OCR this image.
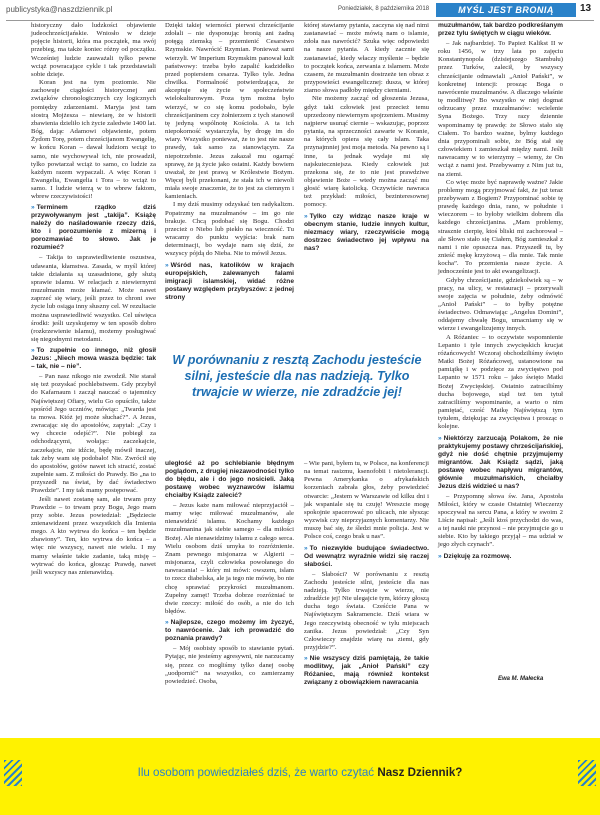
publicystyka@naszdziennik.pl	Poniedziałek, 8 października 2018	MYŚL JEST BRONIĄ	13

historyczny dało ludzkości objawienie judeochrześcijańskie. Wniosło w dzieje pojęcie historii, która ma początek, ma swój przebieg, ma także koniec różny od początku. Wcześniej ludzie zauważali tylko pewne wciąż powracające cykle i tak przedstawiali sobie dzieje.

Koran jest na tym poziomie. Nie zachowuje ciągłości historycznej ani związków chronologicznych czy logicznych pomiędzy zdarzeniami. Maryja jest tam siostrą Mojżesza – niewiarę, że w historii zbawienia dzieliło ich życie zaledwie 1400 lat. Bóg, dając Adamowi objawienie, potem Żydom Torę, potem chrześcijanom Ewangelię, w końcu Koran – dawał ludziom wciąż to samo, nie wychowywał ich, nie prowadził, tylko powtarzał wciąż to samo, co ludzie za każdym razem wypaczali. A więc Koran i Ewangelia, Ewangelia i Tora – to wciąż to samo. I ludzie wierzą w to wbrew faktom, wbrew rzeczywistości!

» Terminem rządko dziś przywoływanym jest „takija”. Książę należy do naśladowanie rzeczy dziś, kto i porozumienie z mizerną i porozmawiać to słowo. Jak je rozumieć?

– Takija to usprawiedliwienie oszustwa, udawania, kłamstwa. Zasada, w myśl której takie działania są uzasadnione, gdy służą sprawie islamu. W relacjach z niewiernymi muzułmanin może kłamać. Może nawet zaprzeć się wiary, jeśli przez to chroni swe życie lub osiąga inny słuszny cel. W rezultacie można usprawiedliwić wszystko. Cel uświęca środki: jeśli uzyskujemy w ten sposób dobro (rozkrzewienie islamu), możemy posługiwać się niegodnymi metodami.

» To zupełnie co innego, niż głosił Jezus: „Niech mowa wasza będzie: tak – tak, nie – nie”.

– Pan nasz nikogo nie zwodził. Nie starał się też pozyskać pochlebstwem. Gdy przybył do Kafarnaum i zaczął nauczać o tajemnicy Najświętszej Ofiary, wielu Go opuściło, także spośród Jego uczniów, mówiąc: „Twarda jest ta mowa. Któż jej może słuchać?”. A Jezus, zwracając się do apostołów, zapytał: „Czy i wy chcecie odejść?”. Nie pobiegł za odchodzącymi, wołając: zaczekajcie, zaczekajcie, nie idźcie, będę mówił inaczej, tak żeby wam się podobało! Nie. Zwrócił się do apostołów, gotów nawet ich stracić, zostać zupełnie sam. Z miłości do Prawdy. Bo „na to przyszedł na świat, by dać świadectwo Prawdzie”. I my tak mamy postępować.

Jeśli nawet zostanę sam, ale trwam przy Prawdzie – to trwam przy Bogu, Jego mam przy sobie. Jezus powiedział: „Będziecie znienawidzeni przez wszystkich dla Imienia mego. A kto wytrwa do końca – ten będzie zbawiony”. Ten, kto wytrwa do końca – a więc nie wszyscy, nawet nie wielu. I my mamy właśnie takie zadanie, taką misję – wytrwać do końca, głosząc Prawdę, nawet jeśli wszyscy nas znienawidzą.

Dzięki takiej wierności pierwsi chrześcijanie zdołali – nie dysponując bronią ani żadną potęgą ziemską – przemienić Cesarstwo Rzymskie. Nawrócić Rzymian. Ponieważ sami wierzyli. W Imperium Rzymskim panował kult państwowy: trzeba było zapalić kadzidełko przed popiersiem cesarza. Tylko tyle. Jedna chwilka. Formalność potwierdzająca, że akceptuje się życie w społeczeństwie wielokulturowym. Poza tym można było wierzyć, w co się komu podobało, byle chrześcijaninem czy żołnierzem z tych stanowił tę jedyną wspólnotę Kościoła. A ta ich niepokorność wystarczyła, by drogę im do wiary. Wszystko ponieważ, że to jest nie nasze prawdy, tak samo za stanowiącym. Za niepotrzebnie. Jezus zakazał mu ogarnąć sprawę, że ją życie jako ostatni. Każdy bowiem uważał, że jest prawą w Królestwie Bożym. Więcej byli przekonani, że stała ich w niewoli miała swoje znaczenie, że to jest za ciemnym i kamieniach.

I my dziś musimy odzyskać ten radykalizm. Popatrzmy na muzułmanów – im go nie brakuje. Chcą podobać się Bogu. Chodzi przecież o Niebo lub piekło na wieczność. Tu wracamy do punktu wyjścia: brak nam determinacji, bo wydaje nam się dziś, że wszyscy pójdą do Nieba. Nie to mówił Jezus.

» Wśród nas, katolików w krajach europejskich, zalewanych falami imigracji islamskiej, widać różne postawy względem przybyszów: z jednej strony

której stawiamy pytania, zaczyna się nad nimi zastanawiać – może mówią nam o islamie, zdoła nas nawrócić? Szuka więc odpowiedzi na nasze pytania. A kiedy zacznie się zastanawiać, kiedy właczy myślenie – będzie to początek końca, zerwania z islamem. Może czasem, że muzułmanin dostrzeże ten obraz z przypowieści ewangelicznej: dusza, w której ziarno słowa padłoby między cierniami.

Nie możemy zacząć od głoszenia Jezusa, gdyż taki człowiek jest przecież temu uprzedzony niewiernym spojrzeniem. Musimy najpierw usunąć ciernie – wskazując, poprzez pytania, na sprzeczności zawarte w Koranie, na których opiera się cały islam. Taka przynajmniej jest moja metoda. Na pewno są i inne, ta jednak wydaje mi się najskuteczniejsza. Kiedy człowiek już przekona się, że to nie jest prawdziwe objawienie Boże – wtedy można zacząć mu głosić wiarę katolicką. Oczywiście nawraca też przykład: miłości, bezinteresownej pomocy.

» Tylko czy widząc nasze kraje w obecnym stanie, ludzie innych kultur, niezmacy wiary, rzeczywiście mogą dostrzec świadectwo jej wpływu na nas?

muzułmanów, tak bardzo podkreślanym przez tylu świętych w ciągu wieków.

– Jak najbardziej. To Papież Kalikst II w roku 1456, w trzy lata po zajęciu Konstantynopola (dzisiejszego Stambułu) przez Turków, zalecił, by wszyscy chrześcijanie odmawiali „Anioł Pański”, w konkretnej intencji: prosząc Boga o nawrócenie muzułmanów. A dlaczego właśnie tę modlitwę? Bo wszystko w niej dogmat odrzucany przez muzułmanów: wcielenie Syna Bożego. Trzy razy dziennie wspominamy tę prawdę: że Słowo stało się Ciałem. To bardzo ważne, bylmy każdego dnia przypominali sobie, że Bóg stał się człowiekiem i zamieszkał między nami. Jeśli nawracamy w to wierzymy – wiemy, że On wciąż z nami jest. Przebywamy z Nim już tu, na ziemi.

Co więc może być naprawdę ważne? Jakie problemy mogą przyjmować fakt, że już teraz przebywam z Bogiem? Przypominać sobie tę prawdę każdego dnia, rano, w południe i wieczorem – to byłoby wielkim dobrem dla każdego chrześcijanina. „Mam problemy, strasznie cierpię, ktoś bliski mi zachorował – ale Słowo stało się Ciałem, Bóg zamieszkał z nami i nie opuszcza nas. Przyszedł tu, by znieść mękę krzyżową – dla mnie. Tak mnie kocha”. To przemienia nasze życie. A jednocześnie jest to akt ewangelizacji.

Gdyby chrześcijanie, gdziekolwiek są – w pracy, na ulicy, w restauracji – przerywali swoje zajęcia w południe, żeby odmówić „Anioł Pański” – to byłby potężne świadectwo. Odmawiając „Angelus Domini”, oddajemy chwałę Bogu, umacniamy się w wierze i ewangelizujemy innych.

A Różaniec – to oczywiste wspomnienie Lepanto i tyle innych zwycięskich krucjat różańcowych! Wczoraj obchodziliśmy święto Matki Bożej Różańcowej, ustanowione na pamiątkę i w podzięce za zwycięstwo pod Lepanto w 1571 roku – jako święto Matki Bożej Zwycięskiej. Ostatnio zatraciliśmy ducha bojowego, stąd też ten tytuł zatraciliśmy wspominanie, a warto o nim pamiętać, cześć Matkę Najświętszą tym tytułem, dziękując za zwycięstwa i prosząc o kolejne.

» Niektórzy zarzucają Polakom, że nie praktykujemy postawy chrześcijańskiej, gdyż nie dość chętnie przyjmujemy migrantów. Jak Ksiądz sądzi, jaką postawę wobec napływu migrantów, głównie muzułmańskich, chciałby Jezus dziś widzieć u nas?

– Przypomnę słowa św. Jana, Apostoła Miłości, który w czasie Ostatniej Wieczerzy spoczywał na sercu Pana, a który w swoim 2 Liście napisał: „Jeśli ktoś przychodzi do was, a tej nauki nie przynosi – nie przyjmujcie go u siebie. Kto by takiego przyjął – ma udział w jego złych czynach”.

» Dziękuję za rozmowę.

W porównaniu z resztą Zachodu jesteście silni, jesteście dla nas nadzieją. Tylko trwajcie w wierze, nie zdradźcie jej!

uległość aż po schlebianie błędnym poglądom, z drugiej niezawodności tylko do błędu, ale i do jego nosicieli. Jaką postawę wobec wyznawców islamu chciałby Ksiądz zalecić?

– Jezus każe nam miłować nieprzyjaciół – mamy więc miłować muzułmanów, ale nienawidzić islamu. Kochamy każdego muzułmanina jak siebie samego – dla miłości Bożej. Ale nienawidzimy islamu z całego serca. Wielu osobom dziś umyka to rozróżnienie. Znam pewnego misjonarza w Algierii – misjonarza, czyli człowieka powołanego do nawracania! – który mi mówi: owszem, islam to rzecz diabelska, ale ja tego nie mówię, bo nie chcę sprawiać przykrości muzułmanom. Zupełny zamęt! Trzeba dobrze rozróżniać te dwie rzeczy: miłość do osób, a nie do ich błędów.

» Najlepsze, czego możemy im życzyć, to nawrócenie. Jak ich prowadzić do poznania prawdy?

– Mój osobisty sposób to stawianie pytań. Pytając, nie jesteśmy agresywni, nie narzucamy się, przez co mogliśmy tylko danej osobę „uodpornić” na wszystko, co zamierzamy powiedzieć. Osoba,

– Wie pani, byłem tu, w Polsce, na konferencji na temat rasizmu, ksenofobii i nietolerancji. Pewna Amerykanka o afrykańskich korzeniach zabrała głos, żeby powiedzieć otwarcie: „Jestem w Warszawie od kilku dni i jak wspaniale się tu czuję! Wreszcie mogę spokojnie spacerować po ulicach, nie słysząc wyzwisk czy nieprzyjaznych komentarzy. Nie muszę bać się, że śledzi mnie policja. Jest w Polsce coś, czego brak u nas”.

» To niezwykłe budujące świadectwo. Od wewnątrz wyraźnie widzi się raczej słabości.

– Słabości? W porównaniu z resztą Zachodu jesteście silni, jesteście dla nas nadzieją. Tylko trwajcie w wierze, nie zdradźcie jej! Nie ulegajcie tym, którzy głoszą ducha tego świata. Cześćcie Pana w Najświętszym Sakramencie. Dziś wiara w Jego rzeczywistą obecność w tylu miejscach zanika. Jezus powiedział: „Czy Syn Człowieczy znajdzie wiarę na ziemi, gdy przyjdzie?”.

» Nie wszyscy dziś pamiętają, że takie modlitwy, jak „Anioł Pański” czy Różaniec, mają również kontekst związany z obowiązkiem nawracania

Ewa M. Małecka
Ilu osobom powiedziałeś dziś, że warto czytać Nasz Dziennik?
